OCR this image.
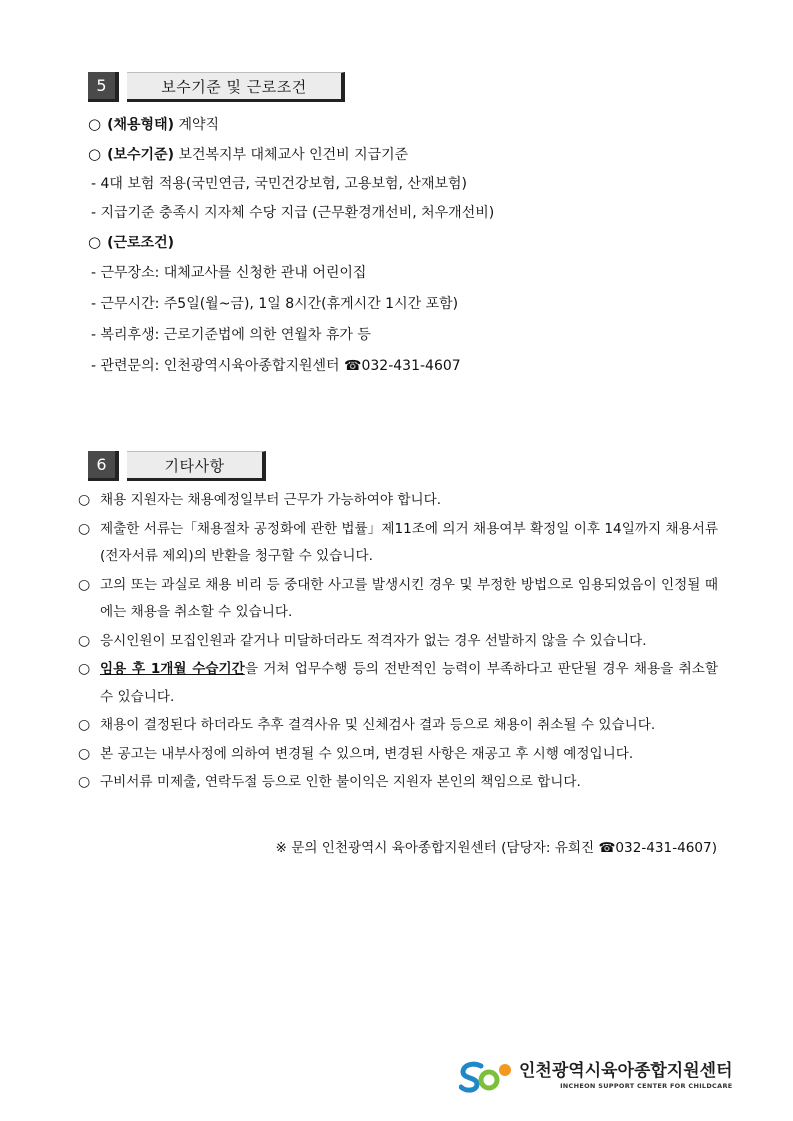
5	보수기준 및 근로조건
○ (채용형태) 계약직
○ (보수기준) 보건복지부 대체교사 인건비 지급기준
- 4대 보험 적용(국민연금, 국민건강보험, 고용보험, 산재보험)
- 지급기준 충족시 지자체 수당 지급 (근무환경개선비, 처우개선비)
○ (근로조건)
- 근무장소: 대체교사를 신청한 관내 어린이집
- 근무시간: 주5일(월~금), 1일 8시간(휴게시간 1시간 포함)
- 복리후생: 근로기준법에 의한 연월차 휴가 등
- 관련문의: 인천광역시육아종합지원센터 ☎032-431-4607
6	기타사항
○ 채용 지원자는 채용예정일부터 근무가 가능하여야 합니다.
○ 제출한 서류는「채용절차 공정화에 관한 법률」제11조에 의거 채용여부 확정일 이후 14일까지 채용서류(전자서류 제외)의 반환을 청구할 수 있습니다.
○ 고의 또는 과실로 채용 비리 등 중대한 사고를 발생시킨 경우 및 부정한 방법으로 임용되었음이 인정될 때에는 채용을 취소할 수 있습니다.
○ 응시인원이 모집인원과 같거나 미달하더라도 적격자가 없는 경우 선발하지 않을 수 있습니다.
○ 임용 후 1개월 수습기간을 거쳐 업무수행 등의 전반적인 능력이 부족하다고 판단될 경우 채용을 취소할 수 있습니다.
○ 채용이 결정된다 하더라도 추후 결격사유 및 신체검사 결과 등으로 채용이 취소될 수 있습니다.
○ 본 공고는 내부사정에 의하여 변경될 수 있으며, 변경된 사항은 재공고 후 시행 예정입니다.
○ 구비서류 미제출, 연락두절 등으로 인한 불이익은 지원자 본인의 책임으로 합니다.
※ 문의 인천광역시 육아종합지원센터 (담당자: 유희진 ☎032-431-4607)
인천광역시육아종합지원센터
INCHEON SUPPORT CENTER FOR CHILDCARE
